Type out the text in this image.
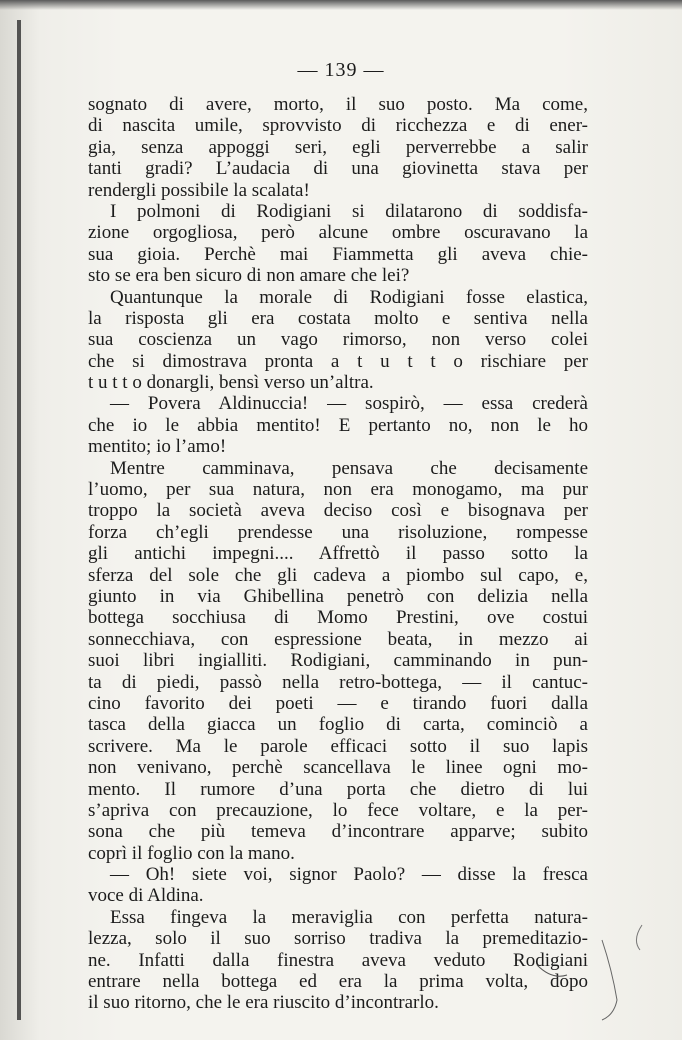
— 139 —
sognato di avere, morto, il suo posto. Ma come,
di nascita umile, sprovvisto di ricchezza e di ener-
gia, senza appoggi seri, egli perverrebbe a salir
tanti gradi? L’audacia di una giovinetta stava per
rendergli possibile la scalata!
I polmoni di Rodigiani si dilatarono di soddisfa-
zione orgogliosa, però alcune ombre oscuravano la
sua gioia. Perchè mai Fiammetta gli aveva chie-
sto se era ben sicuro di non amare che lei?
Quantunque la morale di Rodigiani fosse elastica,
la risposta gli era costata molto e sentiva nella
sua coscienza un vago rimorso, non verso colei
che si dimostrava pronta a t u t t o rischiare per
t u t t o donargli, bensì verso un’altra.
— Povera Aldinuccia! — sospirò, — essa crederà
che io le abbia mentito! E pertanto no, non le ho
mentito; io l’amo!
Mentre camminava, pensava che decisamente
l’uomo, per sua natura, non era monogamo, ma pur
troppo la società aveva deciso così e bisognava per
forza ch’egli prendesse una risoluzione, rompesse
gli antichi impegni.... Affrettò il passo sotto la
sferza del sole che gli cadeva a piombo sul capo, e,
giunto in via Ghibellina penetrò con delizia nella
bottega socchiusa di Momo Prestini, ove costui
sonnecchiava, con espressione beata, in mezzo ai
suoi libri ingialliti. Rodigiani, camminando in pun-
ta di piedi, passò nella retro-bottega, — il cantuc-
cino favorito dei poeti — e tirando fuori dalla
tasca della giacca un foglio di carta, cominciò a
scrivere. Ma le parole efficaci sotto il suo lapis
non venivano, perchè scancellava le linee ogni mo-
mento. Il rumore d’una porta che dietro di lui
s’apriva con precauzione, lo fece voltare, e la per-
sona che più temeva d’incontrare apparve; subito
coprì il foglio con la mano.
— Oh! siete voi, signor Paolo? — disse la fresca
voce di Aldina.
Essa fingeva la meraviglia con perfetta natura-
lezza, solo il suo sorriso tradiva la premeditazio-
ne. Infatti dalla finestra aveva veduto Rodigiani
entrare nella bottega ed era la prima volta, dopo
il suo ritorno, che le era riuscito d’incontrarlo.
